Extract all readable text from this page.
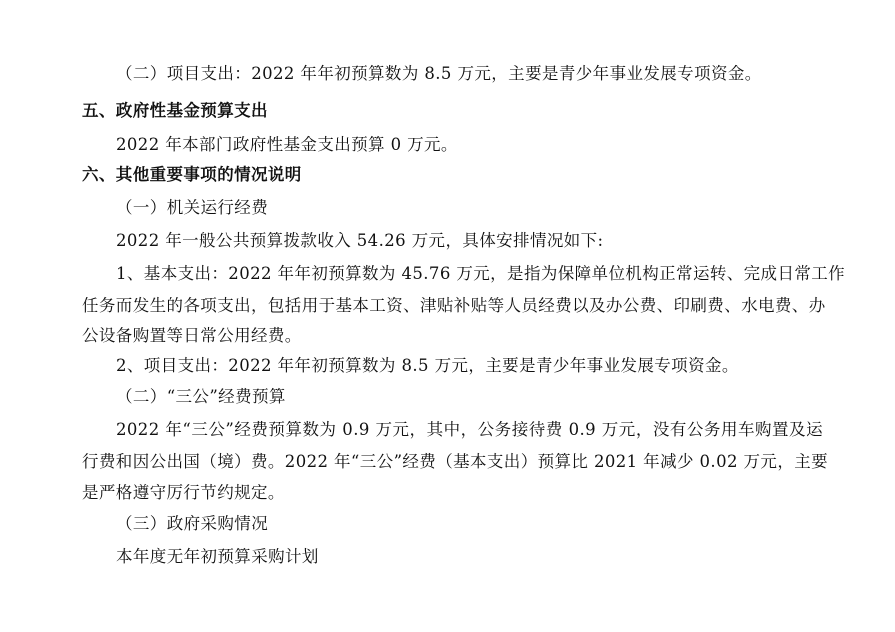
（二）项目支出：2022 年年初预算数为 8.5 万元，主要是青少年事业发展专项资金。
五、政府性基金预算支出
2022 年本部门政府性基金支出预算 0 万元。
六、其他重要事项的情况说明
（一）机关运行经费
2022 年一般公共预算拨款收入 54.26 万元，具体安排情况如下:
1、基本支出：2022 年年初预算数为 45.76 万元，是指为保障单位机构正常运转、完成日常工作
任务而发生的各项支出，包括用于基本工资、津贴补贴等人员经费以及办公费、印刷费、水电费、办
公设备购置等日常公用经费。
2、项目支出：2022 年年初预算数为 8.5 万元，主要是青少年事业发展专项资金。
（二）“三公”经费预算
2022 年“三公”经费预算数为 0.9 万元，其中，公务接待费 0.9 万元，没有公务用车购置及运
行费和因公出国（境）费。2022 年“三公”经费（基本支出）预算比 2021 年减少 0.02 万元，主要
是严格遵守厉行节约规定。
（三）政府采购情况
本年度无年初预算采购计划
